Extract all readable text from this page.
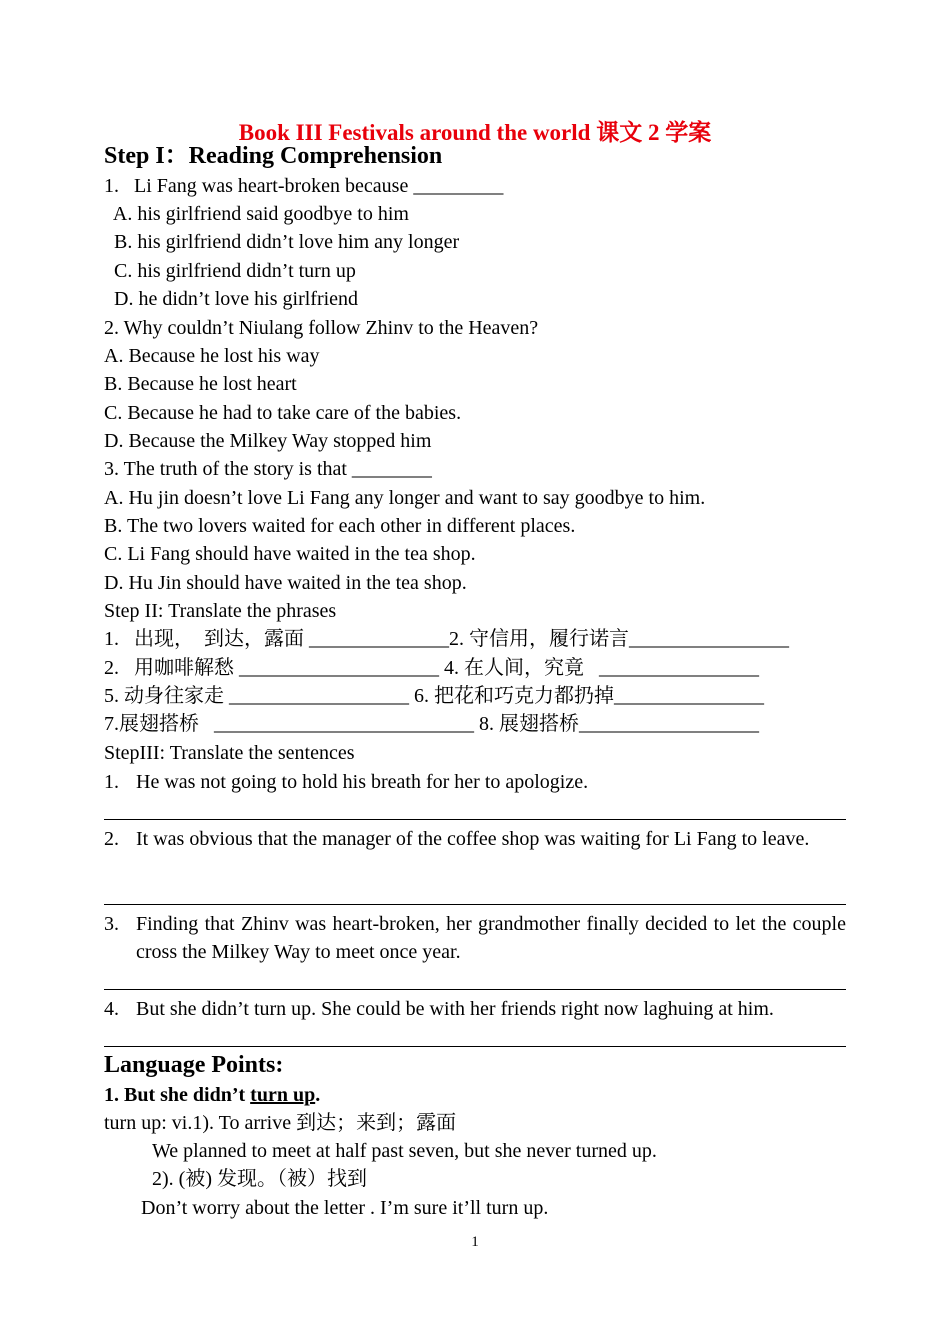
Book III Festivals around the world 课文 2 学案
Step I：Reading Comprehension
1.   Li Fang was heart-broken because _________
A. his girlfriend said goodbye to him
B. his girlfriend didn’t love him any longer
C. his girlfriend didn’t turn up
D. he didn’t love his girlfriend
2. Why couldn’t Niulang follow Zhinv to the Heaven?
A. Because he lost his way
B. Because he lost heart
C. Because he had to take care of the babies.
D. Because the Milkey Way stopped him
3. The truth of the story is that ________
A. Hu jin doesn’t love Li Fang any longer and want to say goodbye to him.
B. The two lovers waited for each other in different places.
C. Li Fang should have waited in the tea shop.
D. Hu Jin should have waited in the tea shop.
Step II: Translate the phrases
1.   出现，  到达，露面 ______________2. 守信用，履行诺言________________
2.   用咖啡解愁 ____________________ 4. 在人间，究竟   ________________
5. 动身往家走 __________________ 6. 把花和巧克力都扔掉_______________
7.展翅搭桥   __________________________ 8. 展翅搭桥__________________
StepIII: Translate the sentences
1. He was not going to hold his breath for her to apologize.
2. It was obvious that the manager of the coffee shop was waiting for Li Fang to leave.
3. Finding that Zhinv was heart-broken, her grandmother finally decided to let the couple cross the Milkey Way to meet once year.
4. But she didn’t turn up. She could be with her friends right now laghuing at him.
Language Points:
1. But she didn’t turn up.
turn up: vi.1). To arrive 到达；来到；露面
We planned to meet at half past seven, but she never turned up.
2). (被) 发现。（被）找到
Don’t worry about the letter . I’m sure it’ll turn up.
1
